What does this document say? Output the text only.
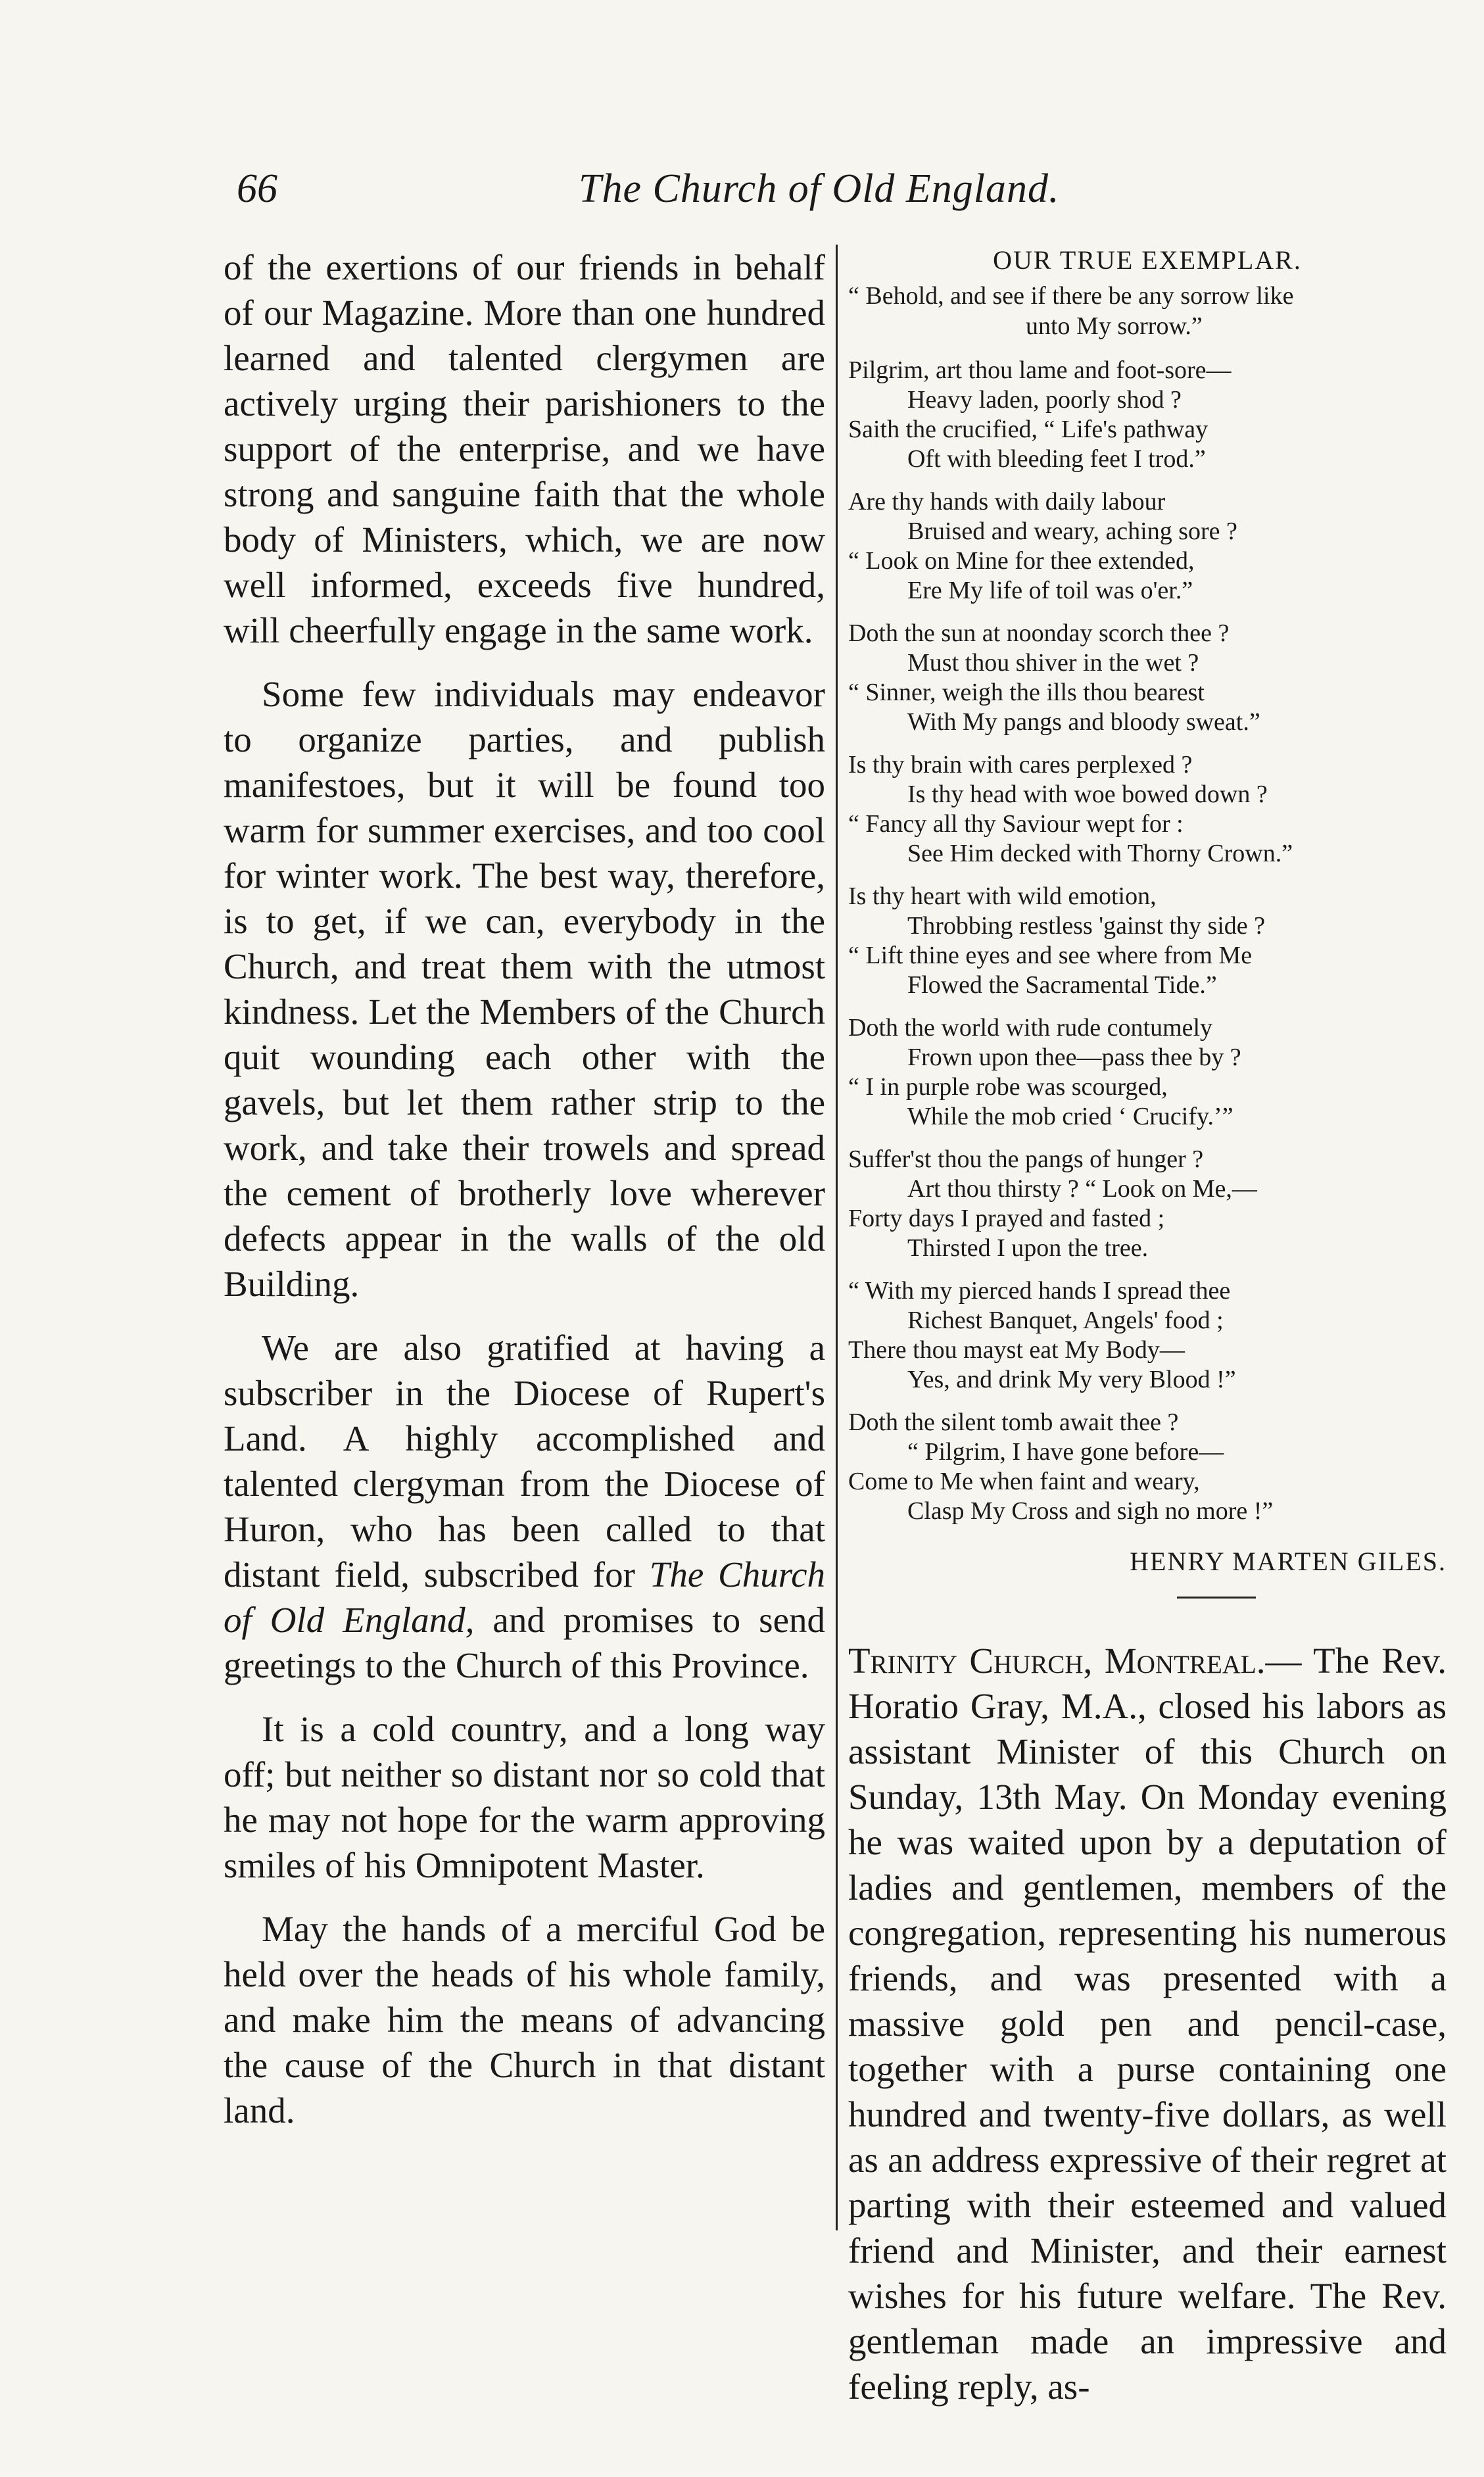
66	The Church of Old England.

of the exertions of our friends in behalf of our Magazine. More than one hundred learned and talented clergymen are actively urging their parishioners to the support of the enterprise, and we have strong and sanguine faith that the whole body of Ministers, which, we are now well informed, exceeds five hundred, will cheerfully engage in the same work.

Some few individuals may endeavor to organize parties, and publish manifestoes, but it will be found too warm for summer exercises, and too cool for winter work. The best way, therefore, is to get, if we can, everybody in the Church, and treat them with the utmost kindness. Let the Members of the Church quit wounding each other with the gavels, but let them rather strip to the work, and take their trowels and spread the cement of brotherly love wherever defects appear in the walls of the old Building.

We are also gratified at having a subscriber in the Diocese of Rupert's Land. A highly accomplished and talented clergyman from the Diocese of Huron, who has been called to that distant field, subscribed for The Church of Old England, and promises to send greetings to the Church of this Province.

It is a cold country, and a long way off; but neither so distant nor so cold that he may not hope for the warm approving smiles of his Omnipotent Master.

May the hands of a merciful God be held over the heads of his whole family, and make him the means of advancing the cause of the Church in that distant land.

OUR TRUE EXEMPLAR.
“ Behold, and see if there be any sorrow like
unto My sorrow.”
Pilgrim, art thou lame and foot-sore—
Heavy laden, poorly shod ?
Saith the crucified, “ Life's pathway
Oft with bleeding feet I trod.”
Are thy hands with daily labour
Bruised and weary, aching sore ?
“ Look on Mine for thee extended,
Ere My life of toil was o'er.”
Doth the sun at noonday scorch thee ?
Must thou shiver in the wet ?
“ Sinner, weigh the ills thou bearest
With My pangs and bloody sweat.”
Is thy brain with cares perplexed ?
Is thy head with woe bowed down ?
“ Fancy all thy Saviour wept for :
See Him decked with Thorny Crown.”
Is thy heart with wild emotion,
Throbbing restless 'gainst thy side ?
“ Lift thine eyes and see where from Me
Flowed the Sacramental Tide.”
Doth the world with rude contumely
Frown upon thee—pass thee by ?
“ I in purple robe was scourged,
While the mob cried ‘ Crucify.’”
Suffer'st thou the pangs of hunger ?
Art thou thirsty ? “ Look on Me,—
Forty days I prayed and fasted ;
Thirsted I upon the tree.
“ With my pierced hands I spread thee
Richest Banquet, Angels' food ;
There thou mayst eat My Body—
Yes, and drink My very Blood !”
Doth the silent tomb await thee ?
“ Pilgrim, I have gone before—
Come to Me when faint and weary,
Clasp My Cross and sigh no more !”
HENRY MARTEN GILES.

Trinity Church, Montreal.— The Rev. Horatio Gray, M.A., closed his labors as assistant Minister of this Church on Sunday, 13th May. On Monday evening he was waited upon by a deputation of ladies and gentlemen, members of the congregation, representing his numerous friends, and was presented with a massive gold pen and pencil-case, together with a purse containing one hundred and twenty-five dollars, as well as an address expressive of their regret at parting with their esteemed and valued friend and Minister, and their earnest wishes for his future welfare. The Rev. gentleman made an impressive and feeling reply, as-
